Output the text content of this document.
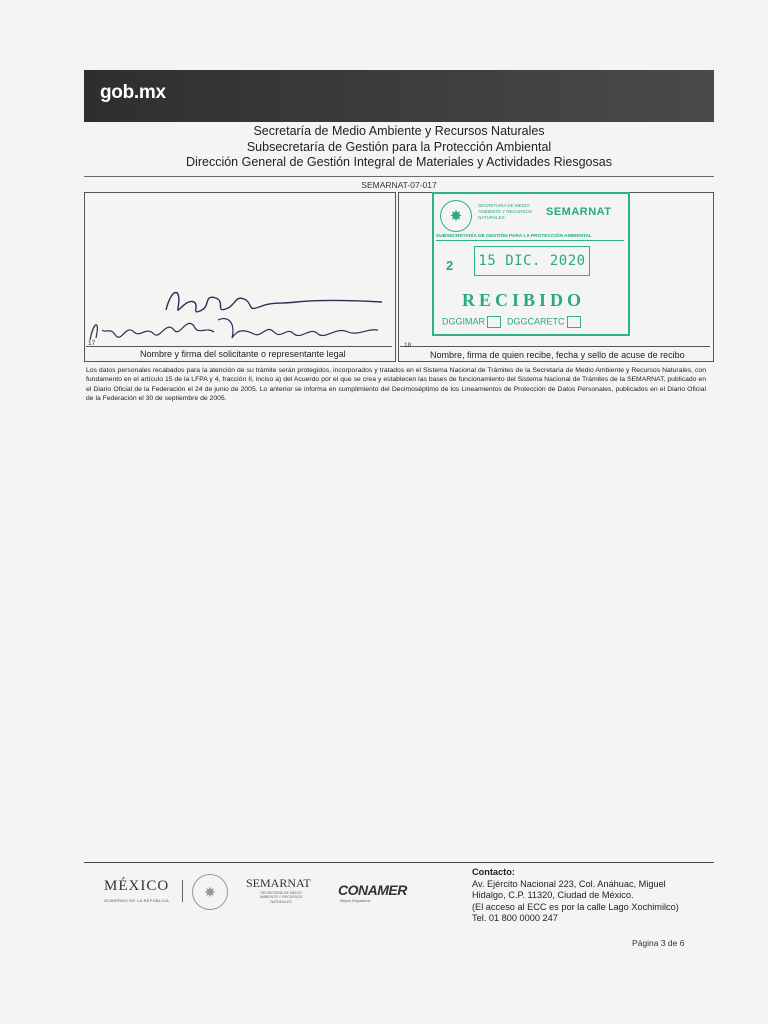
gob.mx
Secretaría de Medio Ambiente y Recursos Naturales
Subsecretaría de Gestión para la Protección Ambiental
Dirección General de Gestión Integral de Materiales y Actividades Riesgosas
SEMARNAT-07-017
17
Nombre y firma del solicitante o representante legal
18
Nombre, firma de quien recibe, fecha y sello de acuse de recibo
✸
SECRETARÍA DE MEDIO AMBIENTE Y RECURSOS NATURALES	SEMARNAT
SUBSECRETARÍA DE GESTIÓN PARA LA PROTECCIÓN AMBIENTAL
2	15 DIC. 2020
RECIBIDO
DGGIMAR	DGGCARETC
Los datos personales recabados para la atención de su trámite serán protegidos, incorporados y tratados en el Sistema Nacional de Trámites de la Secretaría de Medio Ambiente y Recursos Naturales, con fundamento en el artículo 15 de la LFPA y 4, fracción II, inciso a) del Acuerdo por el que se crea y establecen las bases de funcionamiento del Sistema Nacional de Trámites de la SEMARNAT, publicado en el Diario Oficial de la Federación el 24 de junio de 2005. Lo anterior se informa en cumplimiento del Decimoséptimo de los Lineamientos de Protección de Datos Personales, publicados en el Diario Oficial de la Federación el 30 de septiembre de 2005.
MÉXICO
GOBIERNO DE LA REPÚBLICA
✸
SEMARNAT
SECRETARÍA DE MEDIO AMBIENTE Y RECURSOS NATURALES
CONAMER
Mejora Regulatoria
Contacto:
Av. Ejército Nacional 223, Col. Anáhuac, Miguel
Hidalgo, C.P. 11320, Ciudad de México.
(El acceso al ECC es por la calle Lago Xochimilco)
Tel. 01 800 0000 247
Página 3 de 6
